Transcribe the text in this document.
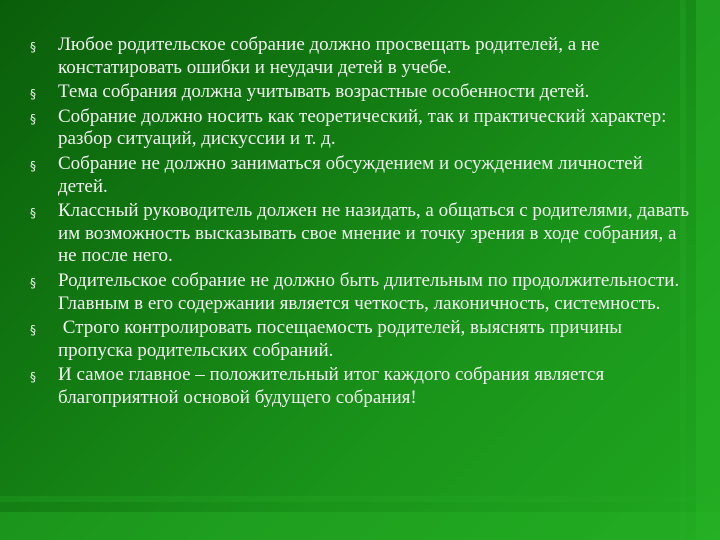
§ Любое родительское собрание должно просвещать родителей, а не констатировать ошибки и неудачи детей в учебе.
§ Тема собрания должна учитывать возрастные особенности детей.
§ Собрание должно носить как теоретический, так и практический характер: разбор ситуаций, дискуссии и т. д.
§ Собрание не должно заниматься обсуждением и осуждением личностей детей.
§ Классный руководитель должен не назидать, а общаться с родителями, давать им возможность высказывать свое мнение и точку зрения в ходе собрания, а не после него.
§ Родительское собрание не должно быть длительным по продолжительности. Главным в его содержании является четкость, лаконичность, системность.
§ Строго контролировать посещаемость родителей, выяснять причины пропуска родительских собраний.
§ И самое главное – положительный итог каждого собрания является благоприятной основой будущего собрания!
